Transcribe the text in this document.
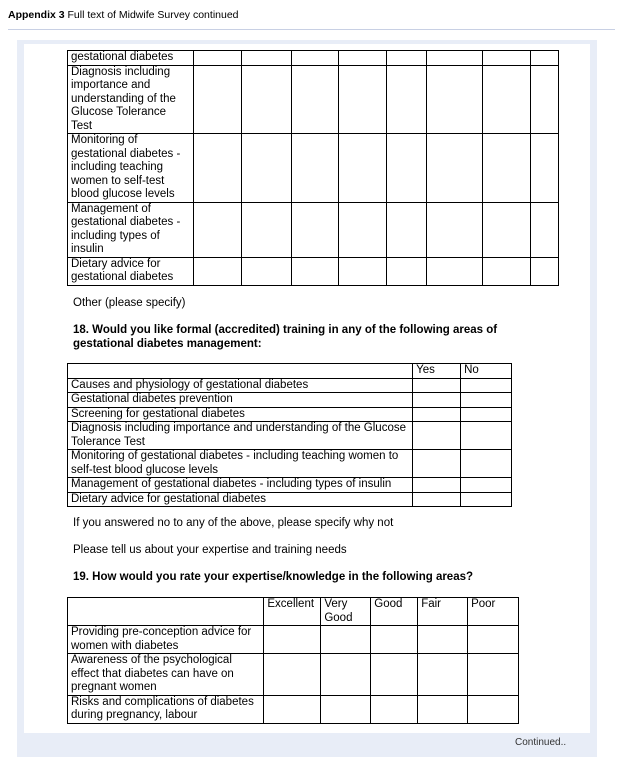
Appendix 3 Full text of Midwife Survey continued
gestational diabetes								
Diagnosis including importance and understanding of the Glucose Tolerance Test								
Monitoring of gestational diabetes - including teaching women to self-test blood glucose levels								
Management of gestational diabetes - including types of insulin								
Dietary advice for gestational diabetes								
Other (please specify)
18. Would you like formal (accredited) training in any of the following areas of gestational diabetes management:
	Yes	No
Causes and physiology of gestational diabetes		
Gestational diabetes prevention		
Screening for gestational diabetes		
Diagnosis including importance and understanding of the Glucose Tolerance Test		
Monitoring of gestational diabetes - including teaching women to self-test blood glucose levels		
Management of gestational diabetes - including types of insulin		
Dietary advice for gestational diabetes		
If you answered no to any of the above, please specify why not
Please tell us about your expertise and training needs
19. How would you rate your expertise/knowledge in the following areas?
	Excellent	Very Good	Good	Fair	Poor
Providing pre-conception advice for women with diabetes					
Awareness of the psychological effect that diabetes can have on pregnant women					
Risks and complications of diabetes during pregnancy, labour					
Continued..
